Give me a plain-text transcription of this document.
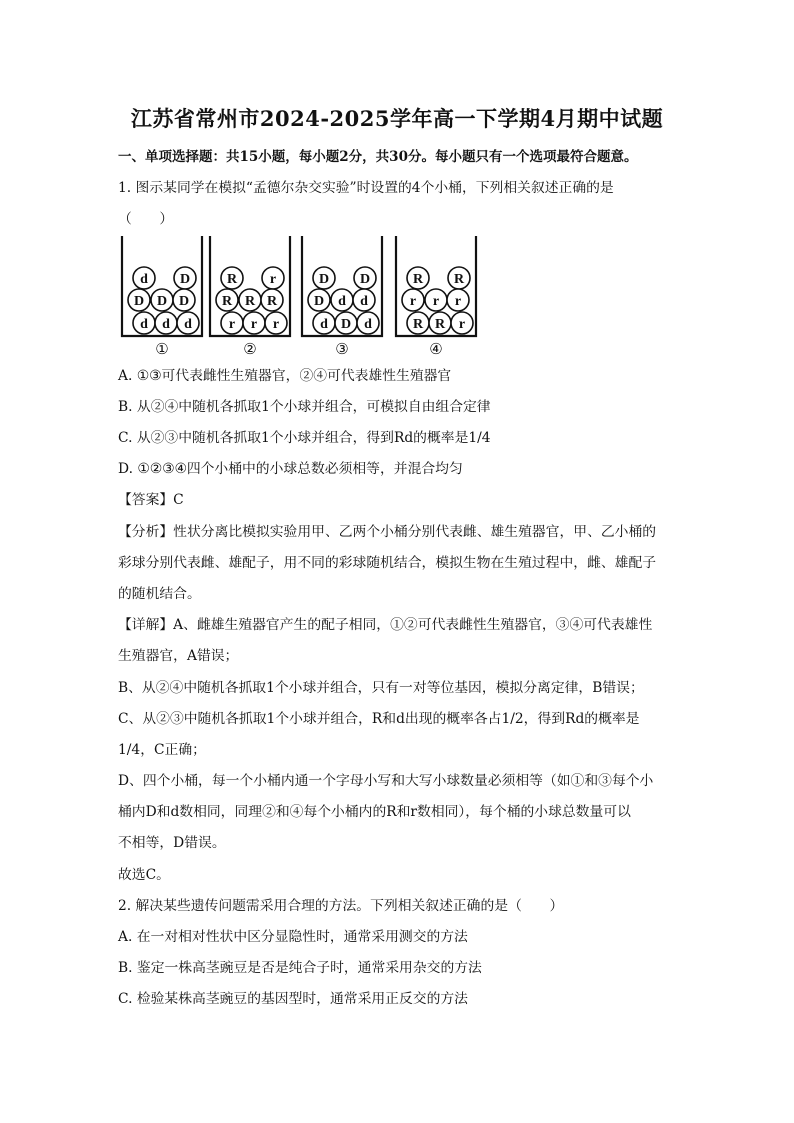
江苏省常州市2024-2025学年高一下学期4月期中试题
一、单项选择题：共15小题，每小题2分，共30分。每小题只有一个选项最符合题意。
1. 图示某同学在模拟“孟德尔杂交实验”时设置的4个小桶，下列相关叙述正确的是
（　　）
d D
D D D
d d d
①
R r
R R R
r r r
②
D D
D d d
d D d
③
R R
r r r
R R r
④
A. ①③可代表雌性生殖器官，②④可代表雄性生殖器官
B. 从②④中随机各抓取1个小球并组合，可模拟自由组合定律
C. 从②③中随机各抓取1个小球并组合，得到Rd的概率是1/4
D. ①②③④四个小桶中的小球总数必须相等，并混合均匀
【答案】C
【分析】性状分离比模拟实验用甲、乙两个小桶分别代表雌、雄生殖器官，甲、乙小桶的
彩球分别代表雌、雄配子，用不同的彩球随机结合，模拟生物在生殖过程中，雌、雄配子
的随机结合。
【详解】A、雌雄生殖器官产生的配子相同，①②可代表雌性生殖器官，③④可代表雄性
生殖器官，A错误；
B、从②④中随机各抓取1个小球并组合，只有一对等位基因，模拟分离定律，B错误；
C、从②③中随机各抓取1个小球并组合，R和d出现的概率各占1/2，得到Rd的概率是
1/4，C正确；
D、四个小桶，每一个小桶内通一个字母小写和大写小球数量必须相等（如①和③每个小
桶内D和d数相同，同理②和④每个小桶内的R和r数相同），每个桶的小球总数量可以
不相等，D错误。
故选C。
2. 解决某些遗传问题需采用合理的方法。下列相关叙述正确的是（　　）
A. 在一对相对性状中区分显隐性时，通常采用测交的方法
B. 鉴定一株高茎豌豆是否是纯合子时，通常采用杂交的方法
C. 检验某株高茎豌豆的基因型时，通常采用正反交的方法
